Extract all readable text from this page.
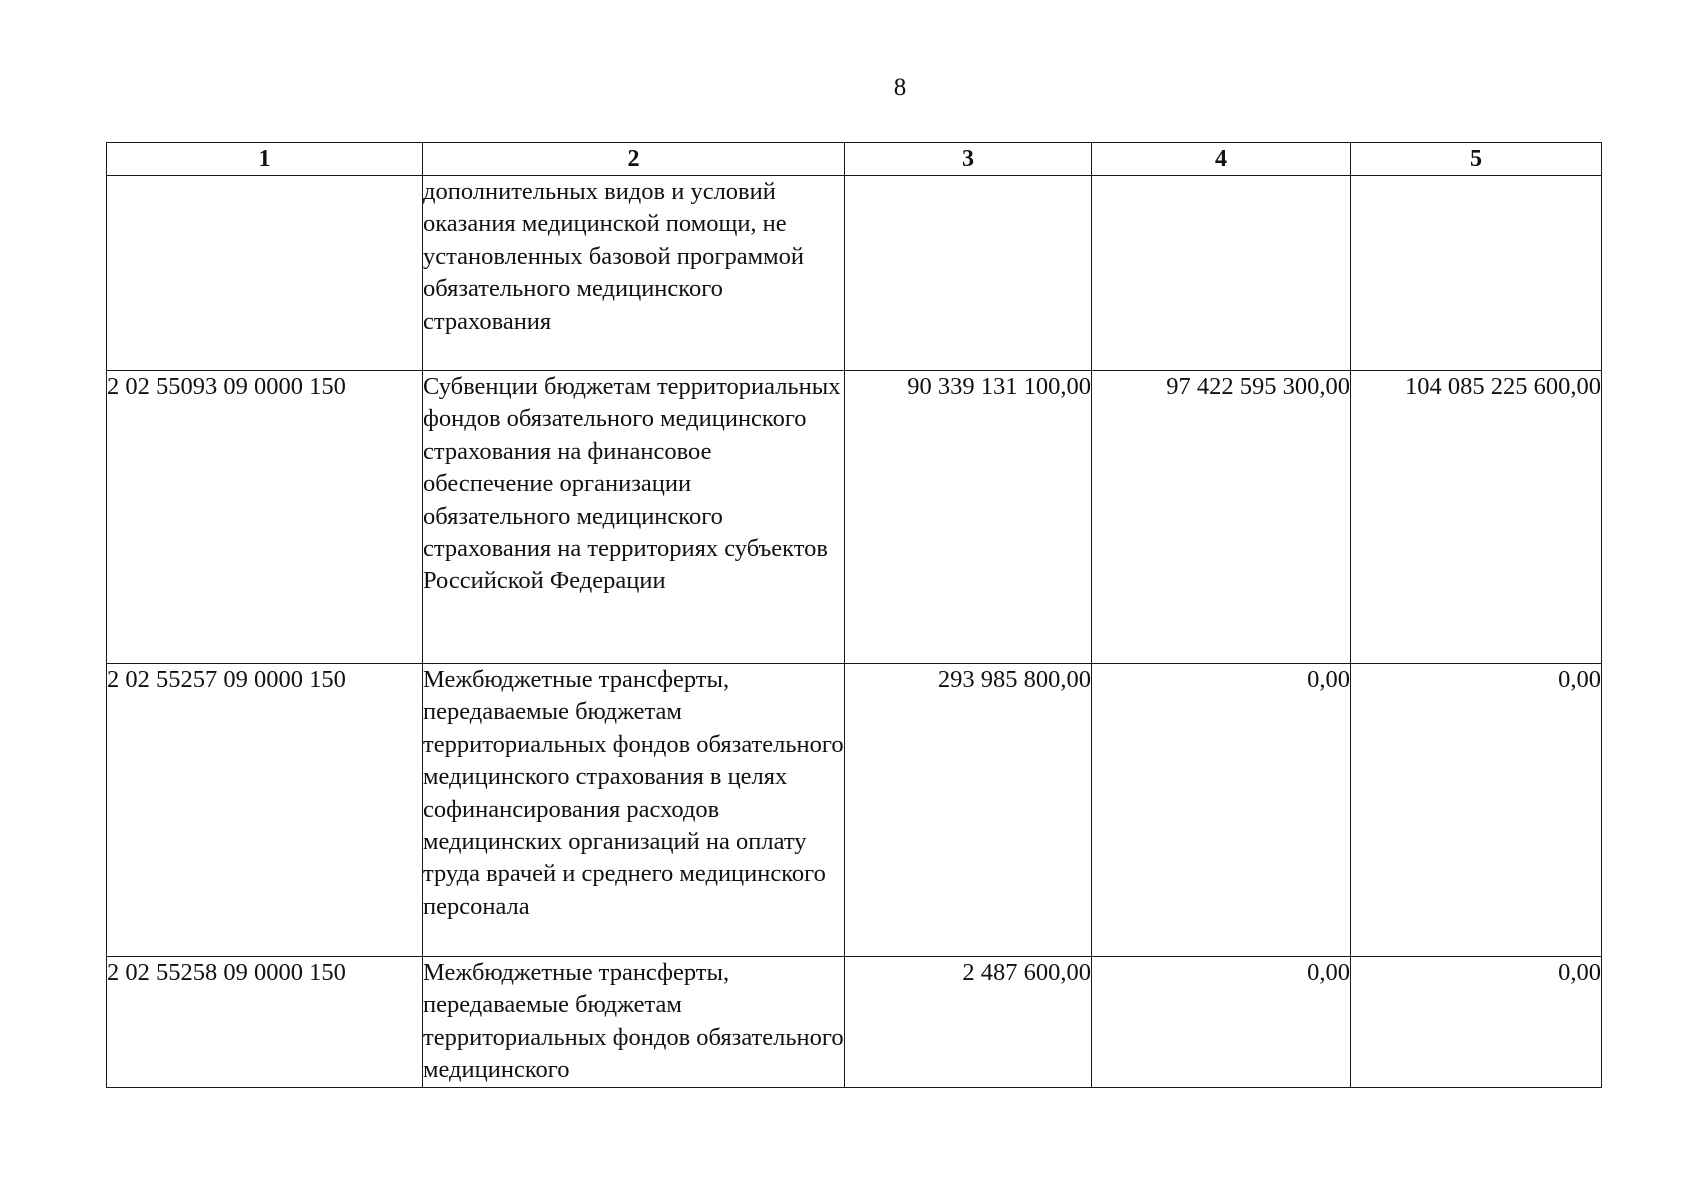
8
1	2	3	4	5
	дополнительных видов и условий оказания медицинской помощи, не установленных базовой программой обязательного медицинского страхования			
2 02 55093 09 0000 150	Субвенции бюджетам территориальных фондов обязательного медицинского страхования на финансовое обеспечение организации обязательного медицинского страхования на территориях субъектов Российской Федерации	90 339 131 100,00	97 422 595 300,00	104 085 225 600,00
2 02 55257 09 0000 150	Межбюджетные трансферты, передаваемые бюджетам территориальных фондов обязательного медицинского страхования в целях софинансирования расходов медицинских организаций на оплату труда врачей и среднего медицинского персонала	293 985 800,00	0,00	0,00
2 02 55258 09 0000 150	Межбюджетные трансферты, передаваемые бюджетам территориальных фондов обязательного медицинского	2 487 600,00	0,00	0,00
